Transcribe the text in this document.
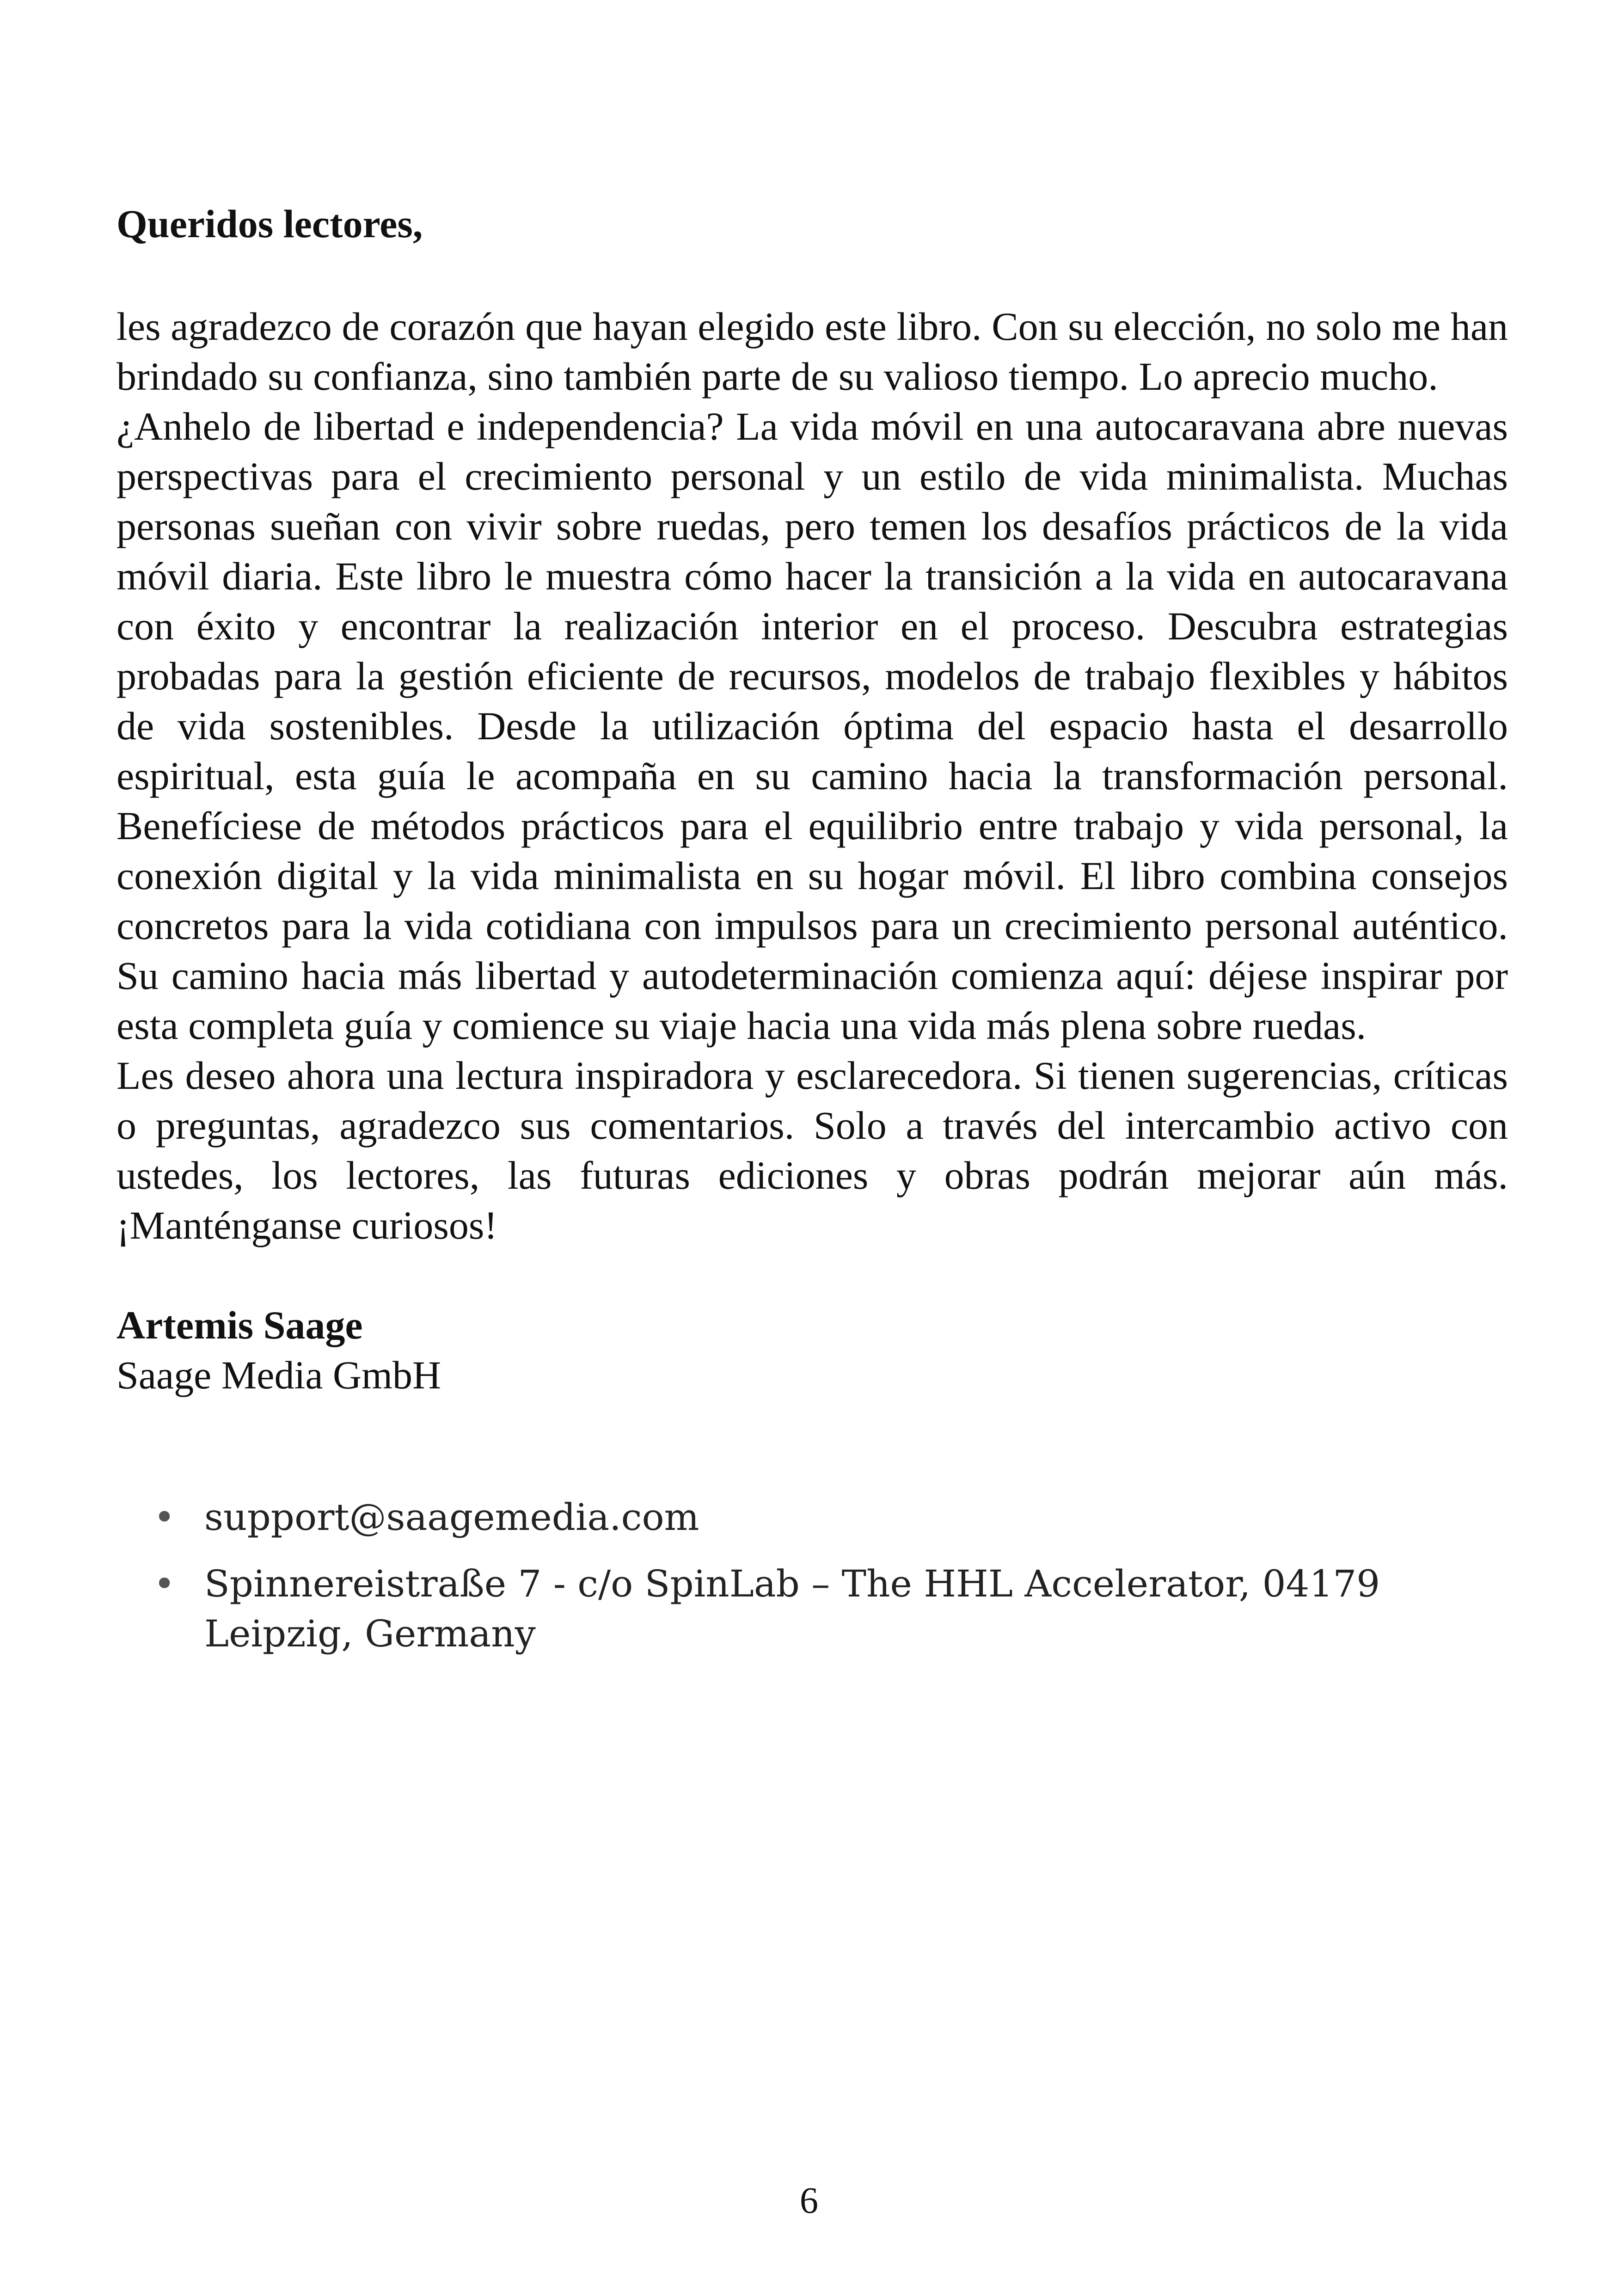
Queridos lectores,

les agradezco de corazón que hayan elegido este libro. Con su elección, no solo me han brindado su confianza, sino también parte de su valioso tiempo. Lo aprecio mucho.

¿Anhelo de libertad e independencia? La vida móvil en una autocaravana abre nuevas perspectivas para el crecimiento personal y un estilo de vida minimalista. Muchas personas sueñan con vivir sobre ruedas, pero temen los desafíos prácticos de la vida móvil diaria. Este libro le muestra cómo hacer la transición a la vida en autocaravana con éxito y encontrar la realización interior en el proceso. Descubra estrategias probadas para la gestión eficiente de recursos, modelos de trabajo flexibles y hábitos de vida sostenibles. Desde la utilización óptima del espacio hasta el desarrollo espiritual, esta guía le acompaña en su camino hacia la transformación personal. Benefíciese de métodos prácticos para el equilibrio entre trabajo y vida personal, la conexión digital y la vida minimalista en su hogar móvil. El libro combina consejos concretos para la vida cotidiana con impulsos para un crecimiento personal auténtico. Su camino hacia más libertad y autodeterminación comienza aquí: déjese inspirar por esta completa guía y comience su viaje hacia una vida más plena sobre ruedas.

Les deseo ahora una lectura inspiradora y esclarecedora. Si tienen sugerencias, críticas o preguntas, agradezco sus comentarios. Solo a través del intercambio activo con ustedes, los lectores, las futuras ediciones y obras podrán mejorar aún más. ¡Manténganse curiosos!

Artemis Saage
Saage Media GmbH
• support@saagemedia.com
• Spinnereistraße 7 - c/o SpinLab – The HHL Accelerator, 04179 Leipzig, Germany
6
